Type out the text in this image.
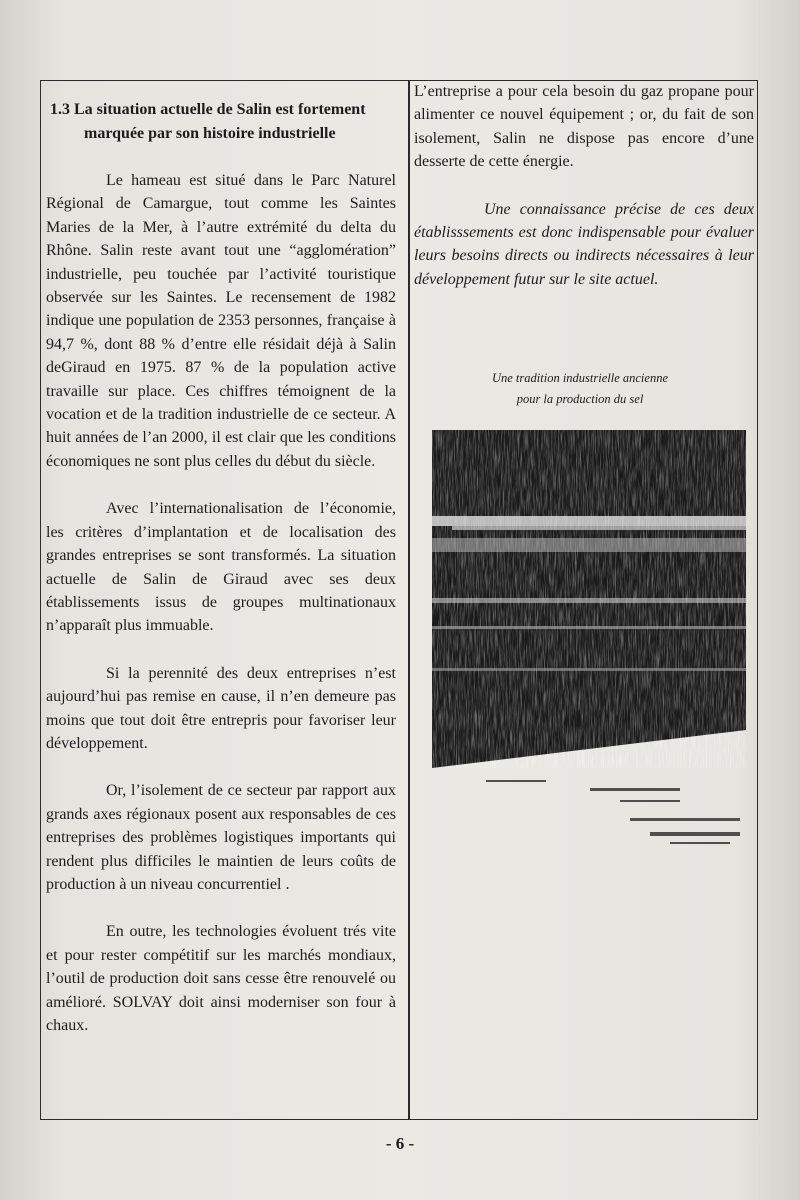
1.3 La situation actuelle de Salin est fortement marquée par son histoire industrielle

Le hameau est situé dans le Parc Naturel Régional de Camargue, tout comme les Saintes Maries de la Mer, à l’autre extrémité du delta du Rhône. Salin reste avant tout une “agglomération” industrielle, peu touchée par l’activité touristique observée sur les Saintes. Le recensement de 1982 indique une population de 2353 personnes, française à 94,7 %, dont 88 % d’entre elle résidait déjà à Salin deGiraud en 1975. 87 % de la population active travaille sur place. Ces chiffres témoignent de la vocation et de la tradition industrielle de ce secteur. A huit années de l’an 2000, il est clair que les conditions économiques ne sont plus celles du début du siècle.

Avec l’internationalisation de l’économie, les critères d’implantation et de localisation des grandes entreprises se sont transformés. La situation actuelle de Salin de Giraud avec ses deux établissements issus de groupes multinationaux n’apparaît plus immuable.

Si la perennité des deux entreprises n’est aujourd’hui pas remise en cause, il n’en demeure pas moins que tout doit être entrepris pour favoriser leur développement.

Or, l’isolement de ce secteur par rapport aux grands axes régionaux posent aux responsables de ces entreprises des problèmes logistiques importants qui rendent plus difficiles le maintien de leurs coûts de production à un niveau concurrentiel .

En outre, les technologies évoluent trés vite et pour rester compétitif sur les marchés mondiaux, l’outil de production doit sans cesse être renouvelé ou amélioré. SOLVAY doit ainsi moderniser son four à chaux.

L’entreprise a pour cela besoin du gaz propane pour alimenter ce nouvel équipement ; or, du fait de son isolement, Salin ne dispose pas encore d’une desserte de cette énergie.

Une connaissance précise de ces deux établisssements est donc indispensable pour évaluer leurs besoins directs ou indirects nécessaires à leur développement futur sur le site actuel.

Une tradition industrielle ancienne
pour la production du sel
- 6 -
